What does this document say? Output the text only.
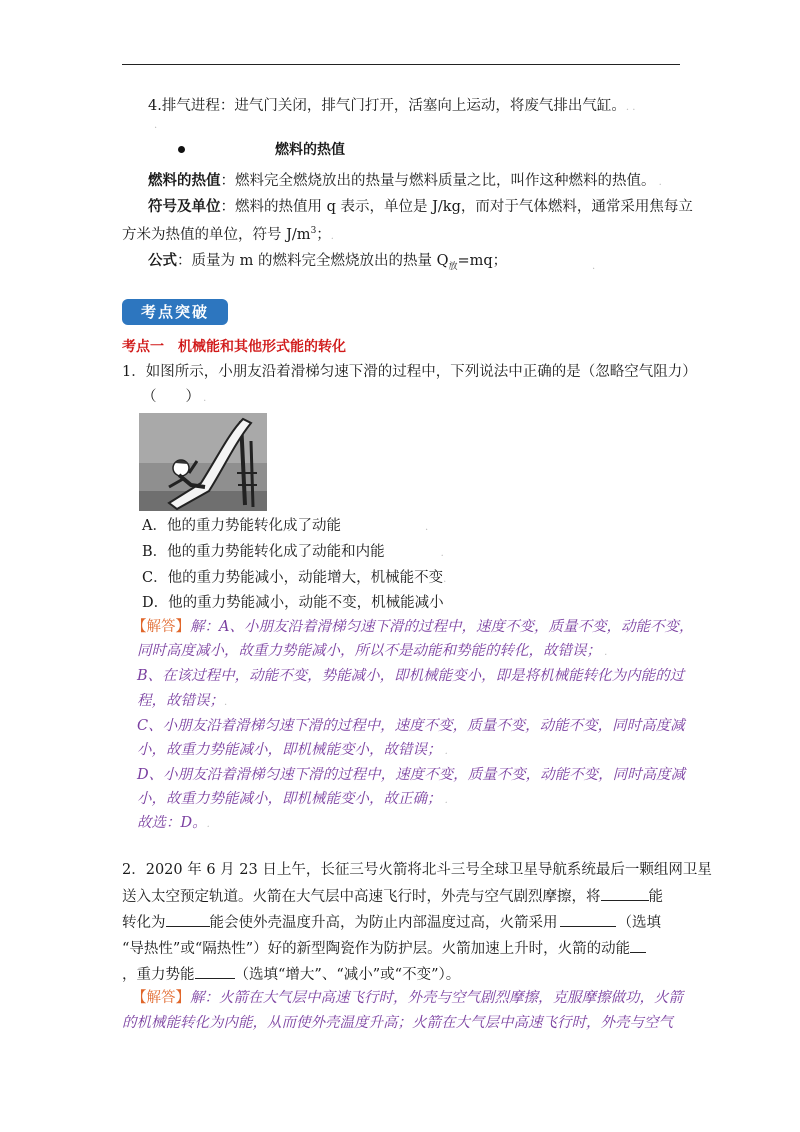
4.排气进程：进气门关闭，排气门打开，活塞向上运动，将废气排出气缸。. .
.
燃料的热值
燃料的热值：燃料完全燃烧放出的热量与燃料质量之比，叫作这种燃料的热值。 .
符号及单位：燃料的热值用 q 表示，单位是 J/kg，而对于气体燃料，通常采用焦每立
方米为热值的单位，符号 $J/m^3$；.
公式：质量为 m 的燃料完全燃烧放出的热量 $Q_放=mq$；	.
考点突破
考点一　机械能和其他形式能的转化
1．如图所示，小朋友沿着滑梯匀速下滑的过程中，下列说法中正确的是（忽略空气阻力）
（　　） .
A．他的重力势能转化成了动能	.
B．他的重力势能转化成了动能和内能	.
C．他的重力势能减小，动能增大，机械能不变.
D．他的重力势能减小，动能不变，机械能减小
【解答】解：A、小朋友沿着滑梯匀速下滑的过程中，速度不变，质量不变，动能不变，
同时高度减小，故重力势能减小，所以不是动能和势能的转化，故错误； .
B、在该过程中，动能不变，势能减小，即机械能变小，即是将机械能转化为内能的过
程，故错误；.
C、小朋友沿着滑梯匀速下滑的过程中，速度不变，质量不变，动能不变，同时高度减
小，故重力势能减小，即机械能变小，故错误； .
D、小朋友沿着滑梯匀速下滑的过程中，速度不变，质量不变，动能不变，同时高度减
小，故重力势能减小，即机械能变小，故正确； .
故选：D。.
2．2020 年 6 月 23 日上午，长征三号火箭将北斗三号全球卫星导航系统最后一颗组网卫星
送入太空预定轨道。火箭在大气层中高速飞行时，外壳与空气剧烈摩擦，将	能
转化为	能会使外壳温度升高，为防止内部温度过高，火箭采用	（选填
“导热性”或“隔热性”）好的新型陶瓷作为防护层。火箭加速上升时，火箭的动能
，重力势能	（选填“增大”、“减小”或“不变”）。
【解答】解：火箭在大气层中高速飞行时，外壳与空气剧烈摩擦，克服摩擦做功，火箭
的机械能转化为内能，从而使外壳温度升高；火箭在大气层中高速飞行时，外壳与空气
